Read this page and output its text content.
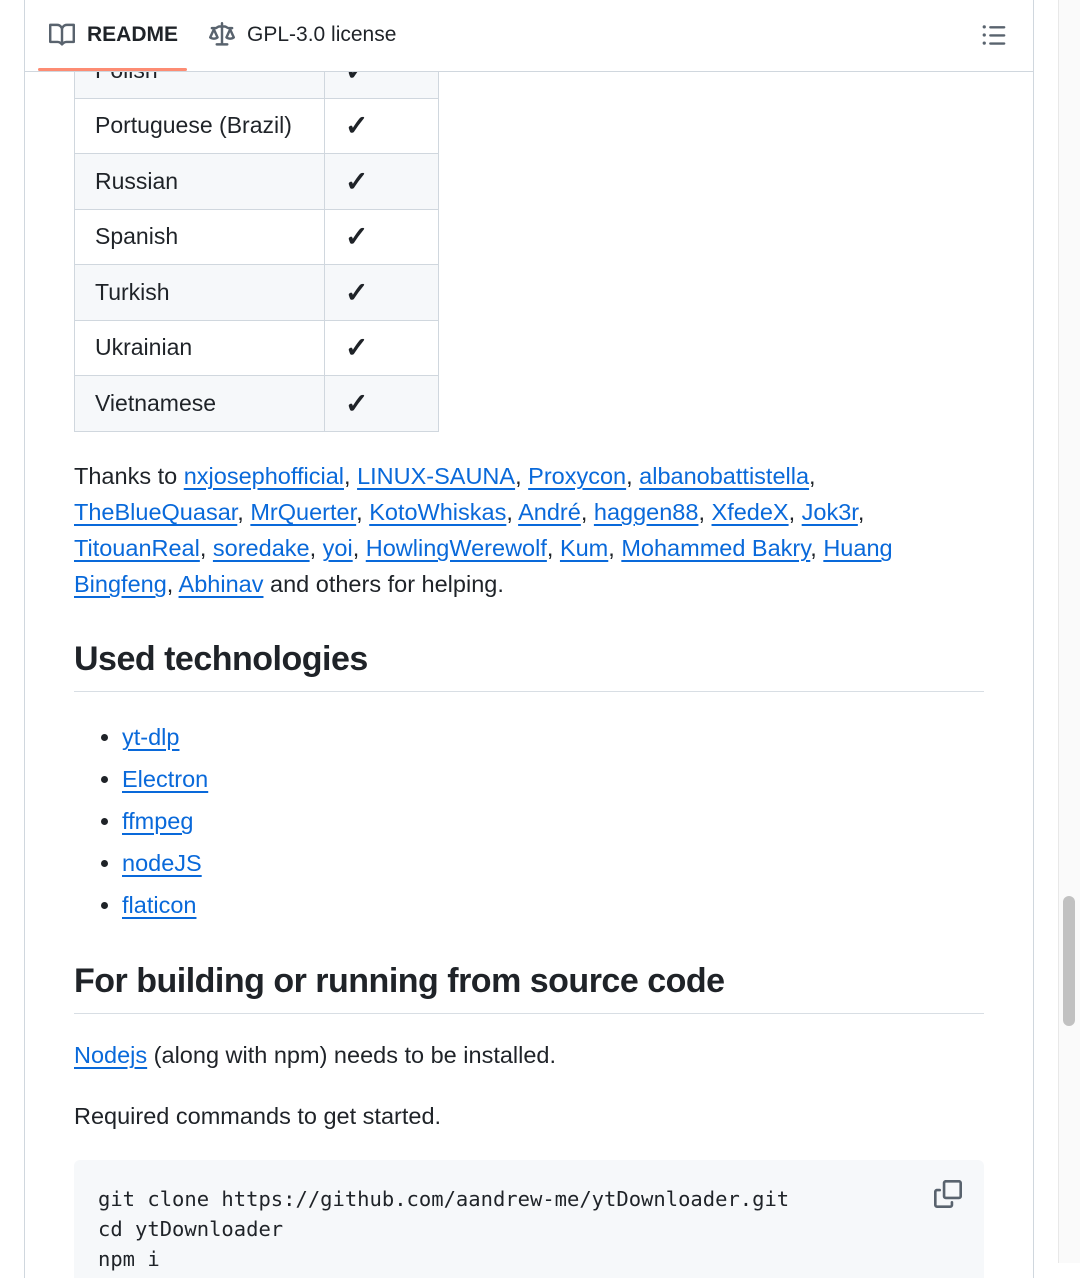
Portuguese (Brazil)	✓
Russian	✓
Spanish	✓
Turkish	✓
Ukrainian	✓
Vietnamese	✓
Thanks to nxjosephofficial, LINUX-SAUNA, Proxycon, albanobattistella, TheBlueQuasar, MrQuerter, KotoWhiskas, André, haggen88, XfedeX, Jok3r, TitouanReal, soredake, yoi, HowlingWerewolf, Kum, Mohammed Bakry, Huang Bingfeng, Abhinav and others for helping.
Used technologies
• yt-dlp
• Electron
• ffmpeg
• nodeJS
• flaticon
For building or running from source code

Nodejs (along with npm) needs to be installed.

Required commands to get started.

git clone https://github.com/aandrew-me/ytDownloader.git
cd ytDownloader
npm i
README	GPL-3.0 license
